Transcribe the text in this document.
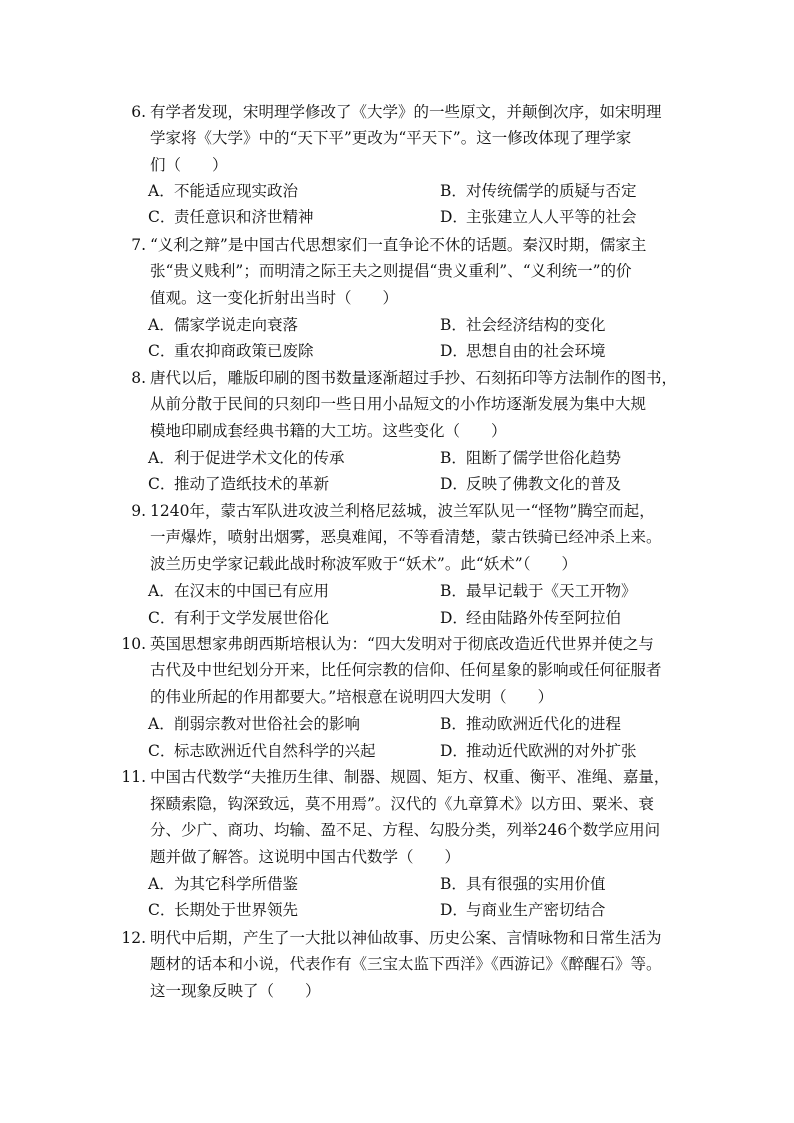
6. 有学者发现，宋明理学修改了《大学》的一些原文，并颠倒次序，如宋明理
学家将《大学》中的“天下平”更改为“平天下”。这一修改体现了理学家
们（　　）
A．不能适应现实政治	B．对传统儒学的质疑与否定
C．责任意识和济世精神	D．主张建立人人平等的社会
7. “义利之辩”是中国古代思想家们一直争论不休的话题。秦汉时期，儒家主
张“贵义贱利”；而明清之际王夫之则提倡“贵义重利”、“义利统一”的价
值观。这一变化折射出当时（　　）
A．儒家学说走向衰落	B．社会经济结构的变化
C．重农抑商政策已废除	D．思想自由的社会环境
8. 唐代以后，雕版印刷的图书数量逐渐超过手抄、石刻拓印等方法制作的图书，
从前分散于民间的只刻印一些日用小品短文的小作坊逐渐发展为集中大规
模地印刷成套经典书籍的大工坊。这些变化（　　）
A．利于促进学术文化的传承	B．阻断了儒学世俗化趋势
C．推动了造纸技术的革新	D．反映了佛教文化的普及
9. 1240年，蒙古军队进攻波兰利格尼兹城，波兰军队见一“怪物”腾空而起，
一声爆炸，喷射出烟雾，恶臭难闻，不等看清楚，蒙古铁骑已经冲杀上来。
波兰历史学家记载此战时称波军败于“妖术”。此“妖术”（　　）
A．在汉末的中国已有应用	B．最早记载于《天工开物》
C．有利于文学发展世俗化	D．经由陆路外传至阿拉伯
10. 英国思想家弗朗西斯培根认为：“四大发明对于彻底改造近代世界并使之与
古代及中世纪划分开来，比任何宗教的信仰、任何星象的影响或任何征服者
的伟业所起的作用都要大。”培根意在说明四大发明（　　）
A．削弱宗教对世俗社会的影响	B．推动欧洲近代化的进程
C．标志欧洲近代自然科学的兴起	D．推动近代欧洲的对外扩张
11. 中国古代数学“夫推历生律、制器、规圆、矩方、权重、衡平、准绳、嘉量，
探赜索隐，钩深致远，莫不用焉”。汉代的《九章算术》以方田、粟米、衰
分、少广、商功、均输、盈不足、方程、勾股分类，列举246个数学应用问
题并做了解答。这说明中国古代数学（　　）
A．为其它科学所借鉴	B．具有很强的实用价值
C．长期处于世界领先	D．与商业生产密切结合
12. 明代中后期，产生了一大批以神仙故事、历史公案、言情咏物和日常生活为
题材的话本和小说，代表作有《三宝太监下西洋》《西游记》《醉醒石》等。
这一现象反映了（　　）
